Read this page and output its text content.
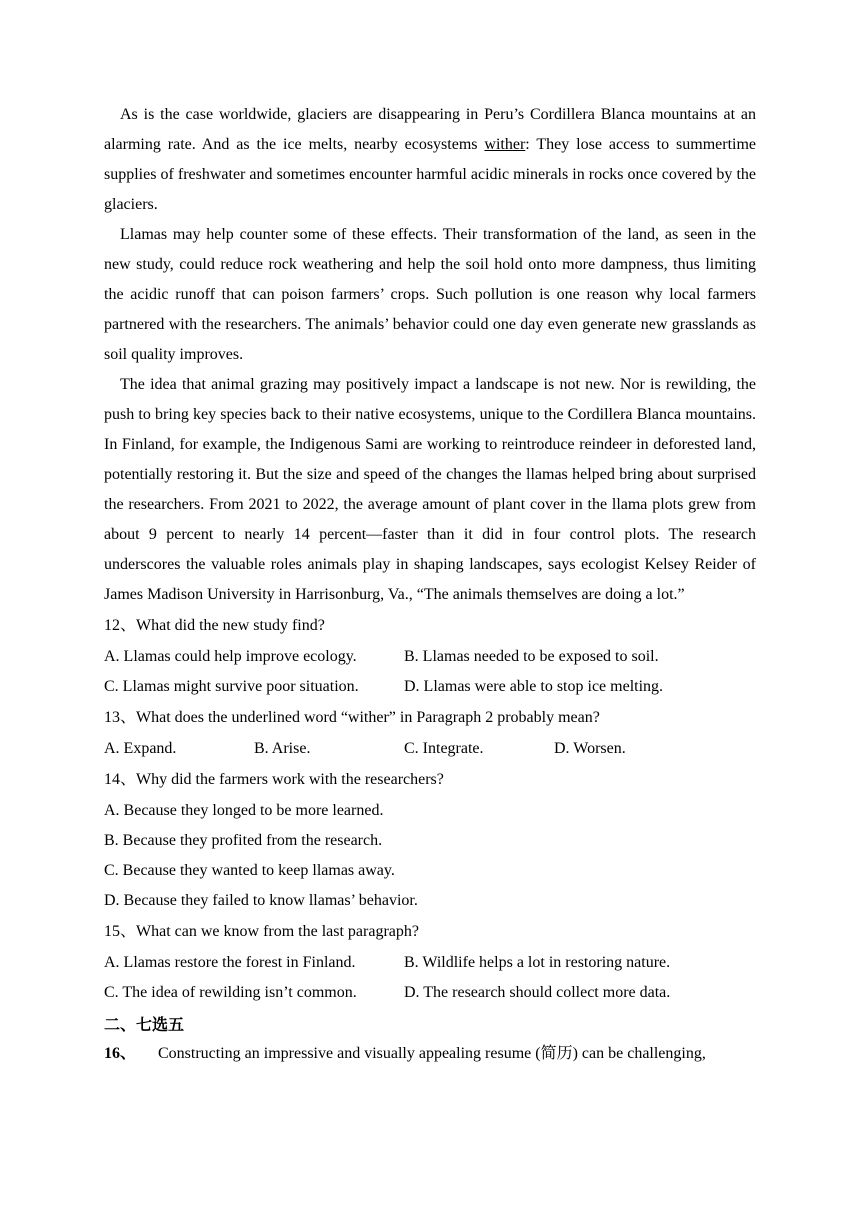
As is the case worldwide, glaciers are disappearing in Peru’s Cordillera Blanca mountains at an alarming rate. And as the ice melts, nearby ecosystems wither: They lose access to summertime supplies of freshwater and sometimes encounter harmful acidic minerals in rocks once covered by the glaciers.

Llamas may help counter some of these effects. Their transformation of the land, as seen in the new study, could reduce rock weathering and help the soil hold onto more dampness, thus limiting the acidic runoff that can poison farmers’ crops. Such pollution is one reason why local farmers partnered with the researchers. The animals’ behavior could one day even generate new grasslands as soil quality improves.

The idea that animal grazing may positively impact a landscape is not new. Nor is rewilding, the push to bring key species back to their native ecosystems, unique to the Cordillera Blanca mountains. In Finland, for example, the Indigenous Sami are working to reintroduce reindeer in deforested land, potentially restoring it. But the size and speed of the changes the llamas helped bring about surprised the researchers. From 2021 to 2022, the average amount of plant cover in the llama plots grew from about 9 percent to nearly 14 percent—faster than it did in four control plots. The research underscores the valuable roles animals play in shaping landscapes, says ecologist Kelsey Reider of James Madison University in Harrisonburg, Va., “The animals themselves are doing a lot.”

12、What did the new study find?

A. Llamas could help improve ecology.	B. Llamas needed to be exposed to soil.
C. Llamas might survive poor situation.	D. Llamas were able to stop ice melting.

13、What does the underlined word “wither” in Paragraph 2 probably mean?

A. Expand.	B. Arise.	C. Integrate.	D. Worsen.

14、Why did the farmers work with the researchers?

A. Because they longed to be more learned.
B. Because they profited from the research.
C. Because they wanted to keep llamas away.
D. Because they failed to know llamas’ behavior.

15、What can we know from the last paragraph?

A. Llamas restore the forest in Finland.	B. Wildlife helps a lot in restoring nature.
C. The idea of rewilding isn’t common.	D. The research should collect more data.
二、七选五
16、 Constructing an impressive and visually appealing resume (简历) can be challenging,
